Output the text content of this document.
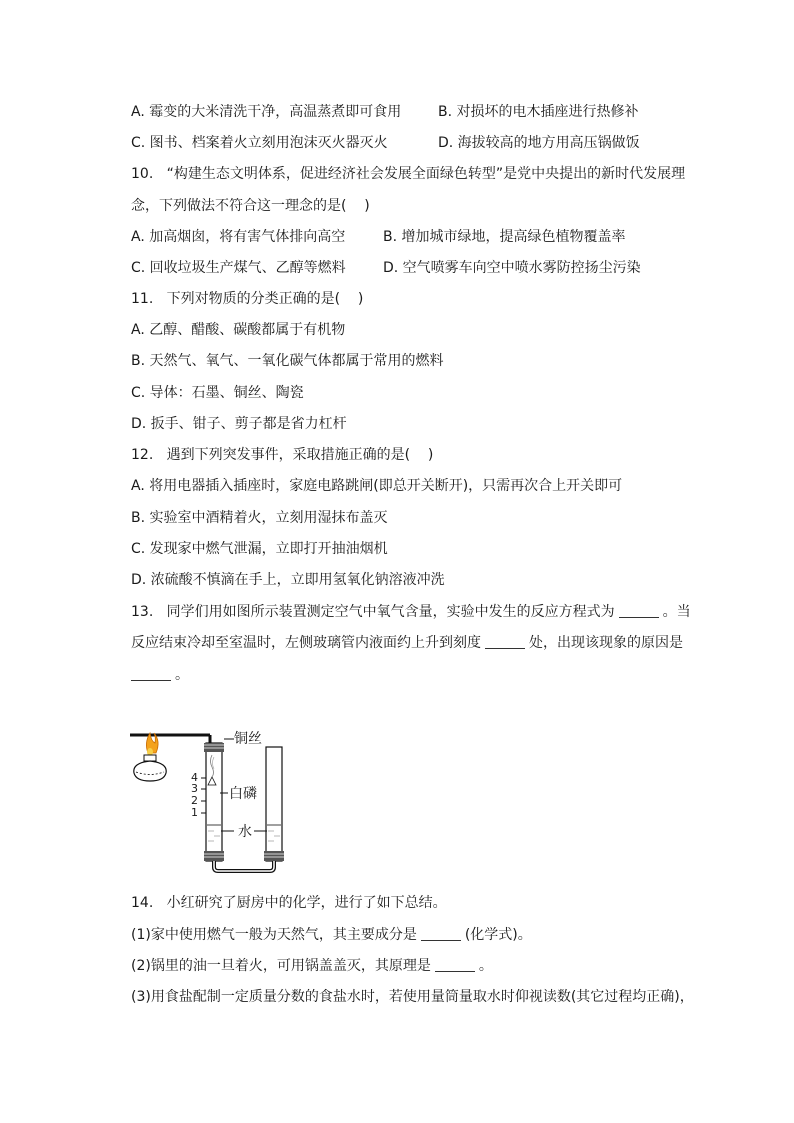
A. 霉变的大米清洗干净，高温蒸煮即可食用	B. 对损坏的电木插座进行热修补
C. 图书、档案着火立刻用泡沫灭火器灭火	D. 海拔较高的地方用高压锅做饭
10.   “构建生态文明体系，促进经济社会发展全面绿色转型”是党中央提出的新时代发展理
念，下列做法不符合这一理念的是(    )
A. 加高烟囱，将有害气体排向高空	B. 增加城市绿地，提高绿色植物覆盖率
C. 回收垃圾生产煤气、乙醇等燃料	D. 空气喷雾车向空中喷水雾防控扬尘污染
11.   下列对物质的分类正确的是(    )
A. 乙醇、醋酸、碳酸都属于有机物
B. 天然气、氧气、一氧化碳气体都属于常用的燃料
C. 导体：石墨、铜丝、陶瓷
D. 扳手、钳子、剪子都是省力杠杆
12.   遇到下列突发事件，采取措施正确的是(    )
A. 将用电器插入插座时，家庭电路跳闸(即总开关断开)，只需再次合上开关即可
B. 实验室中酒精着火，立刻用湿抹布盖灭
C. 发现家中燃气泄漏，立即打开抽油烟机
D. 浓硫酸不慎滴在手上，立即用氢氧化钠溶液冲洗
13.   同学们用如图所示装置测定空气中氧气含量，实验中发生的反应方程式为	。当
反应结束冷却至室温时，左侧玻璃管内液面约上升到刻度	处，出现该现象的原因是
。
铜丝
白磷
水
4
3
2
1
14.   小红研究了厨房中的化学，进行了如下总结。
(1)家中使用燃气一般为天然气，其主要成分是	(化学式)。
(2)锅里的油一旦着火，可用锅盖盖灭，其原理是	。
(3)用食盐配制一定质量分数的食盐水时，若使用量筒量取水时仰视读数(其它过程均正确)，
